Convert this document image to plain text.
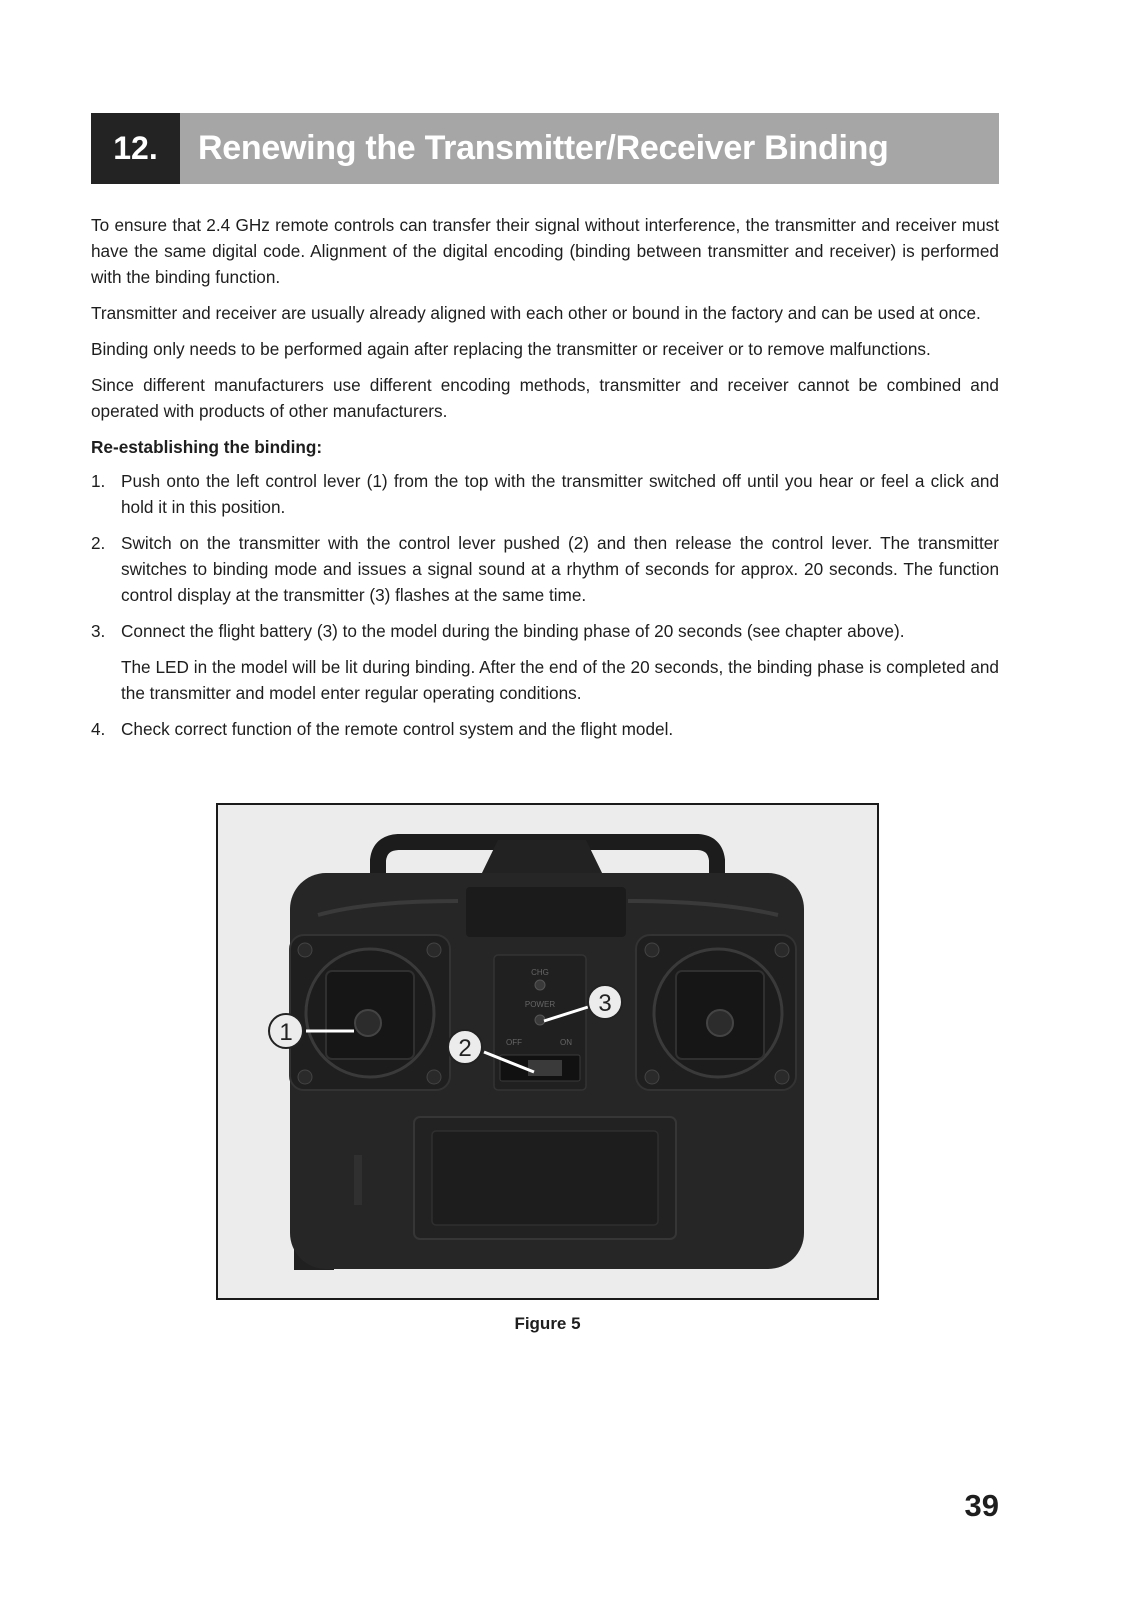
12.	Renewing the Transmitter/Receiver Binding

To ensure that 2.4 GHz remote controls can transfer their signal without interference, the transmitter and receiver must have the same digital code. Alignment of the digital encoding (binding between transmitter and receiver) is performed with the binding function.

Transmitter and receiver are usually already aligned with each other or bound in the factory and can be used at once.

Binding only needs to be performed again after replacing the transmitter or receiver or to remove malfunctions.

Since different manufacturers use different encoding methods, transmitter and receiver cannot be combined and operated with products of other manufacturers.

Re-establishing the binding:

1. Push onto the left control lever (1) from the top with the transmitter switched off until you hear or feel a click and hold it in this position.

2. Switch on the transmitter with the control lever pushed (2) and then release the control lever. The transmitter switches to binding mode and issues a signal sound at a rhythm of seconds for approx. 20 seconds. The function control display at the transmitter (3) flashes at the same time.

3. Connect the flight battery (3) to the model during the binding phase of 20 seconds (see chapter above).

The LED in the model will be lit during binding. After the end of the 20 seconds, the binding phase is completed and the transmitter and model enter regular operating conditions.

4. Check correct function of the remote control system and the flight model.

CHG
POWER
OFF	ON
1
2
3
Figure 5
39
